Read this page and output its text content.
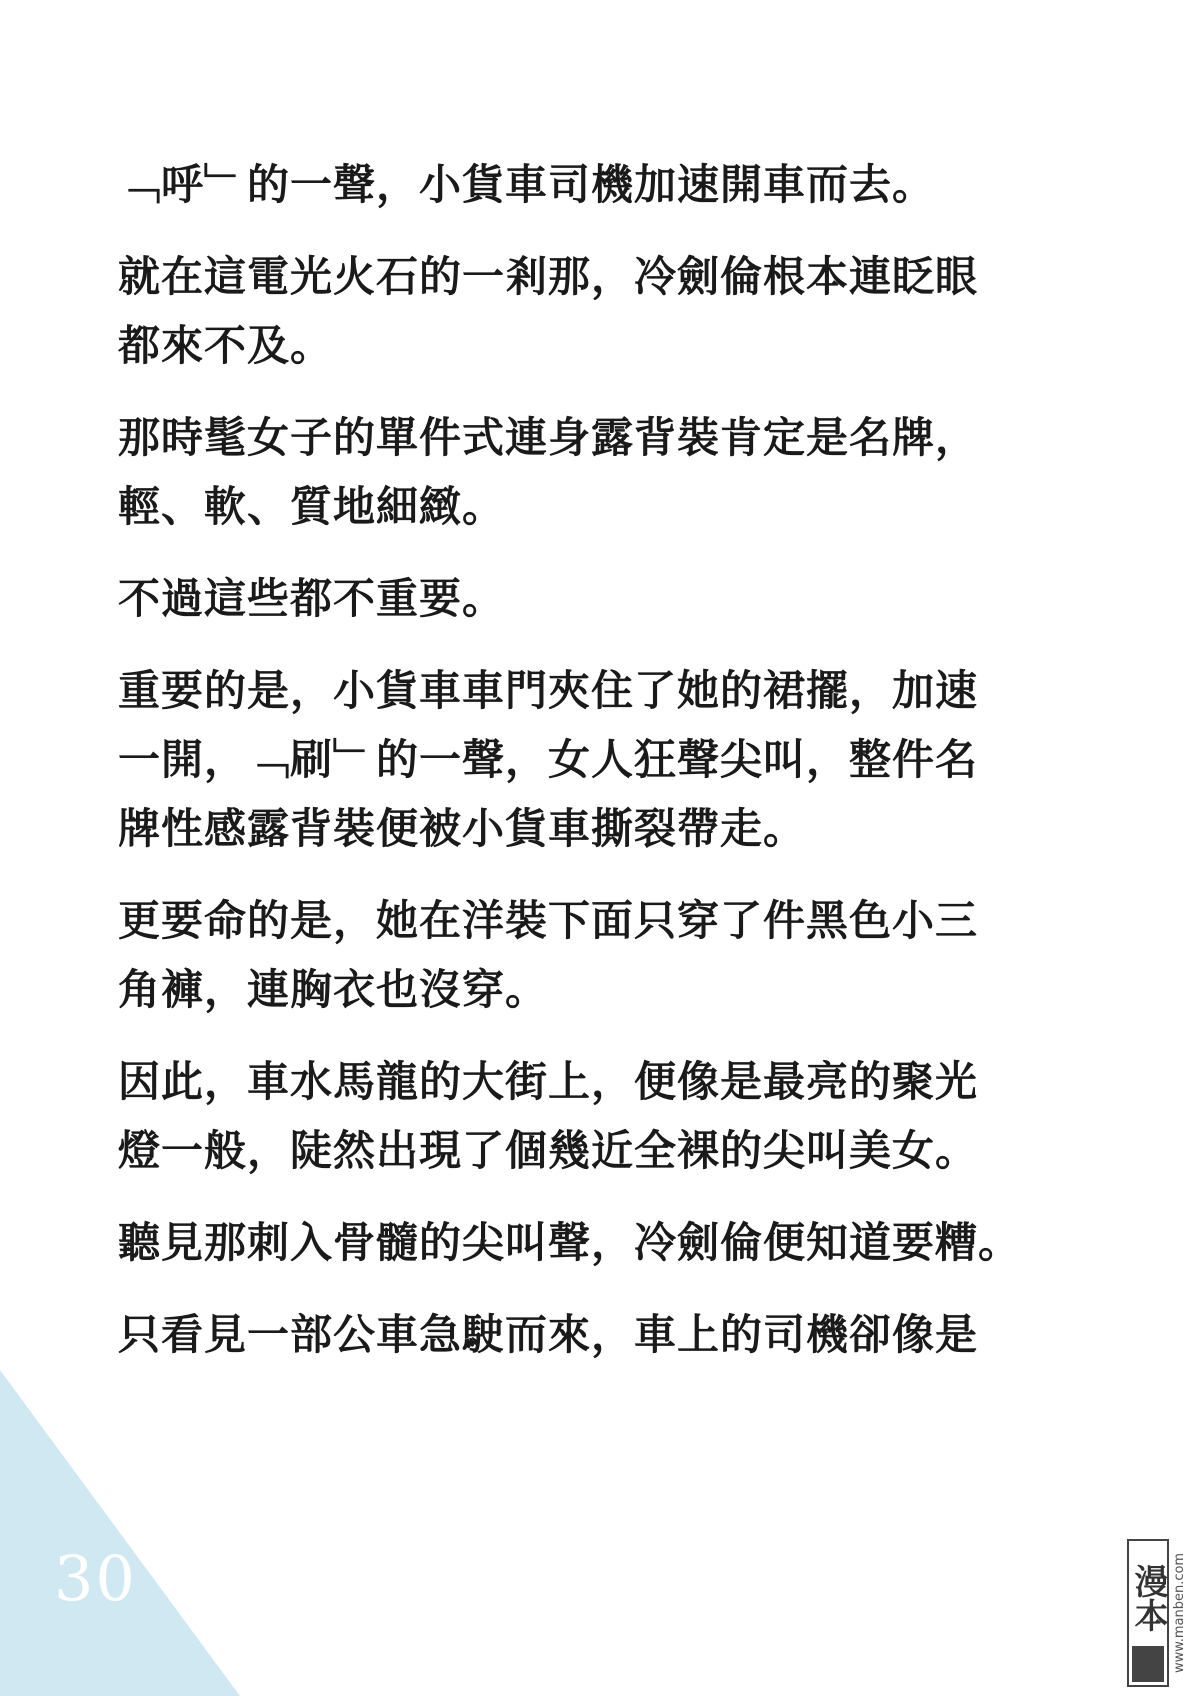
﹁呼﹂的一聲，小貨車司機加速開車而去。

就在這電光火石的一剎那，冷劍倫根本連眨眼
都來不及。

那時髦女子的單件式連身露背裝肯定是名牌，
輕、軟、質地細緻。

不過這些都不重要。

重要的是，小貨車車門夾住了她的裙擺，加速
一開，﹁刷﹂的一聲，女人狂聲尖叫，整件名
牌性感露背裝便被小貨車撕裂帶走。

更要命的是，她在洋裝下面只穿了件黑色小三
角褲，連胸衣也沒穿。

因此，車水馬龍的大街上，便像是最亮的聚光
燈一般，陡然出現了個幾近全裸的尖叫美女。

聽見那刺入骨髓的尖叫聲，冷劍倫便知道要糟。

只看見一部公車急駛而來，車上的司機卻像是

30	漫本 www.manben.com
